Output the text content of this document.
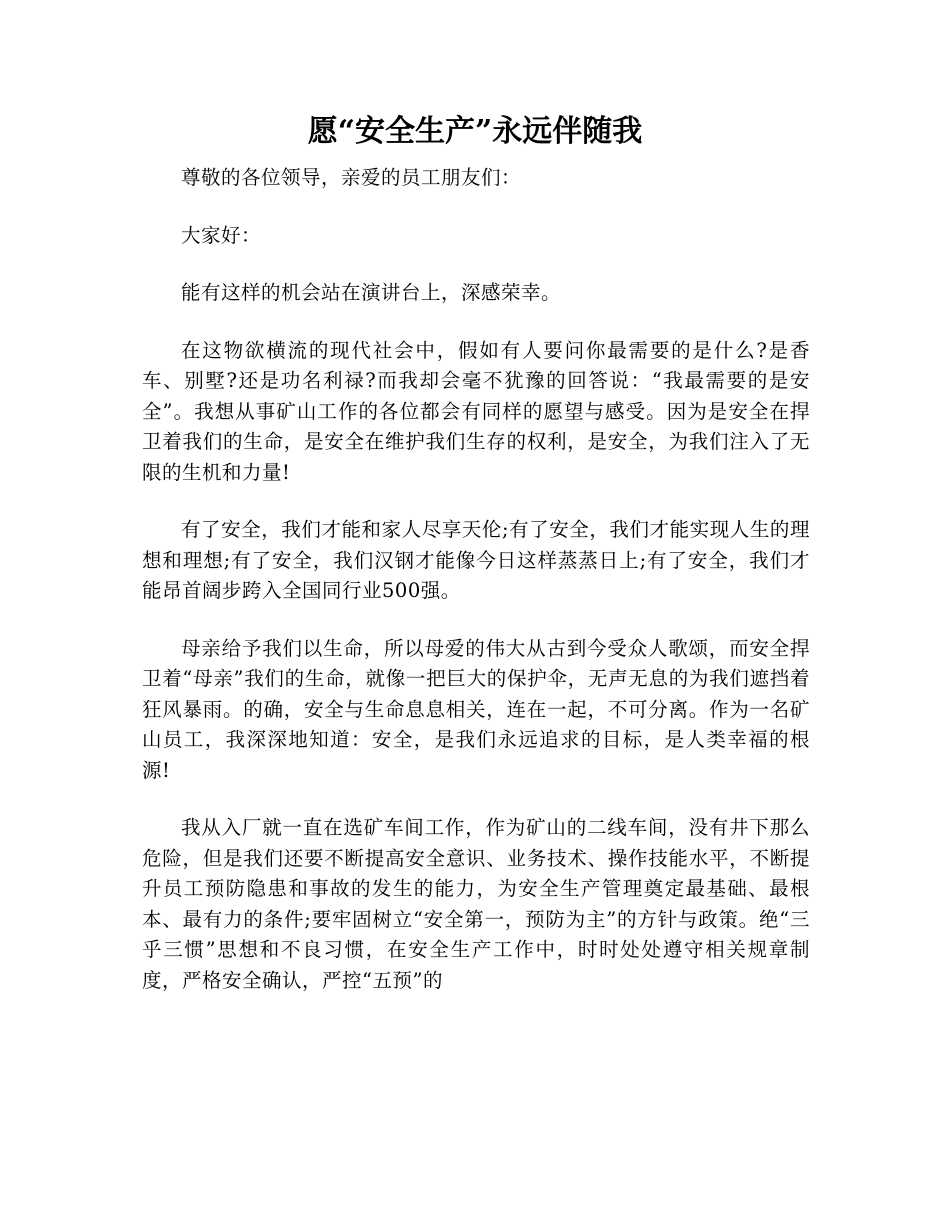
愿“安全生产”永远伴随我

尊敬的各位领导，亲爱的员工朋友们：

大家好：

能有这样的机会站在演讲台上，深感荣幸。

在这物欲横流的现代社会中，假如有人要问你最需要的是什么?是香车、别墅?还是功名利禄?而我却会毫不犹豫的回答说：“我最需要的是安全”。我想从事矿山工作的各位都会有同样的愿望与感受。因为是安全在捍卫着我们的生命，是安全在维护我们生存的权利，是安全，为我们注入了无限的生机和力量!

有了安全，我们才能和家人尽享天伦;有了安全，我们才能实现人生的理想和理想;有了安全，我们汉钢才能像今日这样蒸蒸日上;有了安全，我们才能昂首阔步跨入全国同行业500强。

母亲给予我们以生命，所以母爱的伟大从古到今受众人歌颂，而安全捍卫着“母亲”我们的生命，就像一把巨大的保护伞，无声无息的为我们遮挡着狂风暴雨。的确，安全与生命息息相关，连在一起，不可分离。作为一名矿山员工，我深深地知道：安全，是我们永远追求的目标，是人类幸福的根源!

我从入厂就一直在选矿车间工作，作为矿山的二线车间，没有井下那么危险，但是我们还要不断提高安全意识、业务技术、操作技能水平，不断提升员工预防隐患和事故的发生的能力，为安全生产管理奠定最基础、最根本、最有力的条件;要牢固树立“安全第一，预防为主”的方针与政策。绝“三乎三惯”思想和不良习惯，在安全生产工作中，时时处处遵守相关规章制度，严格安全确认，严控“五预”的
